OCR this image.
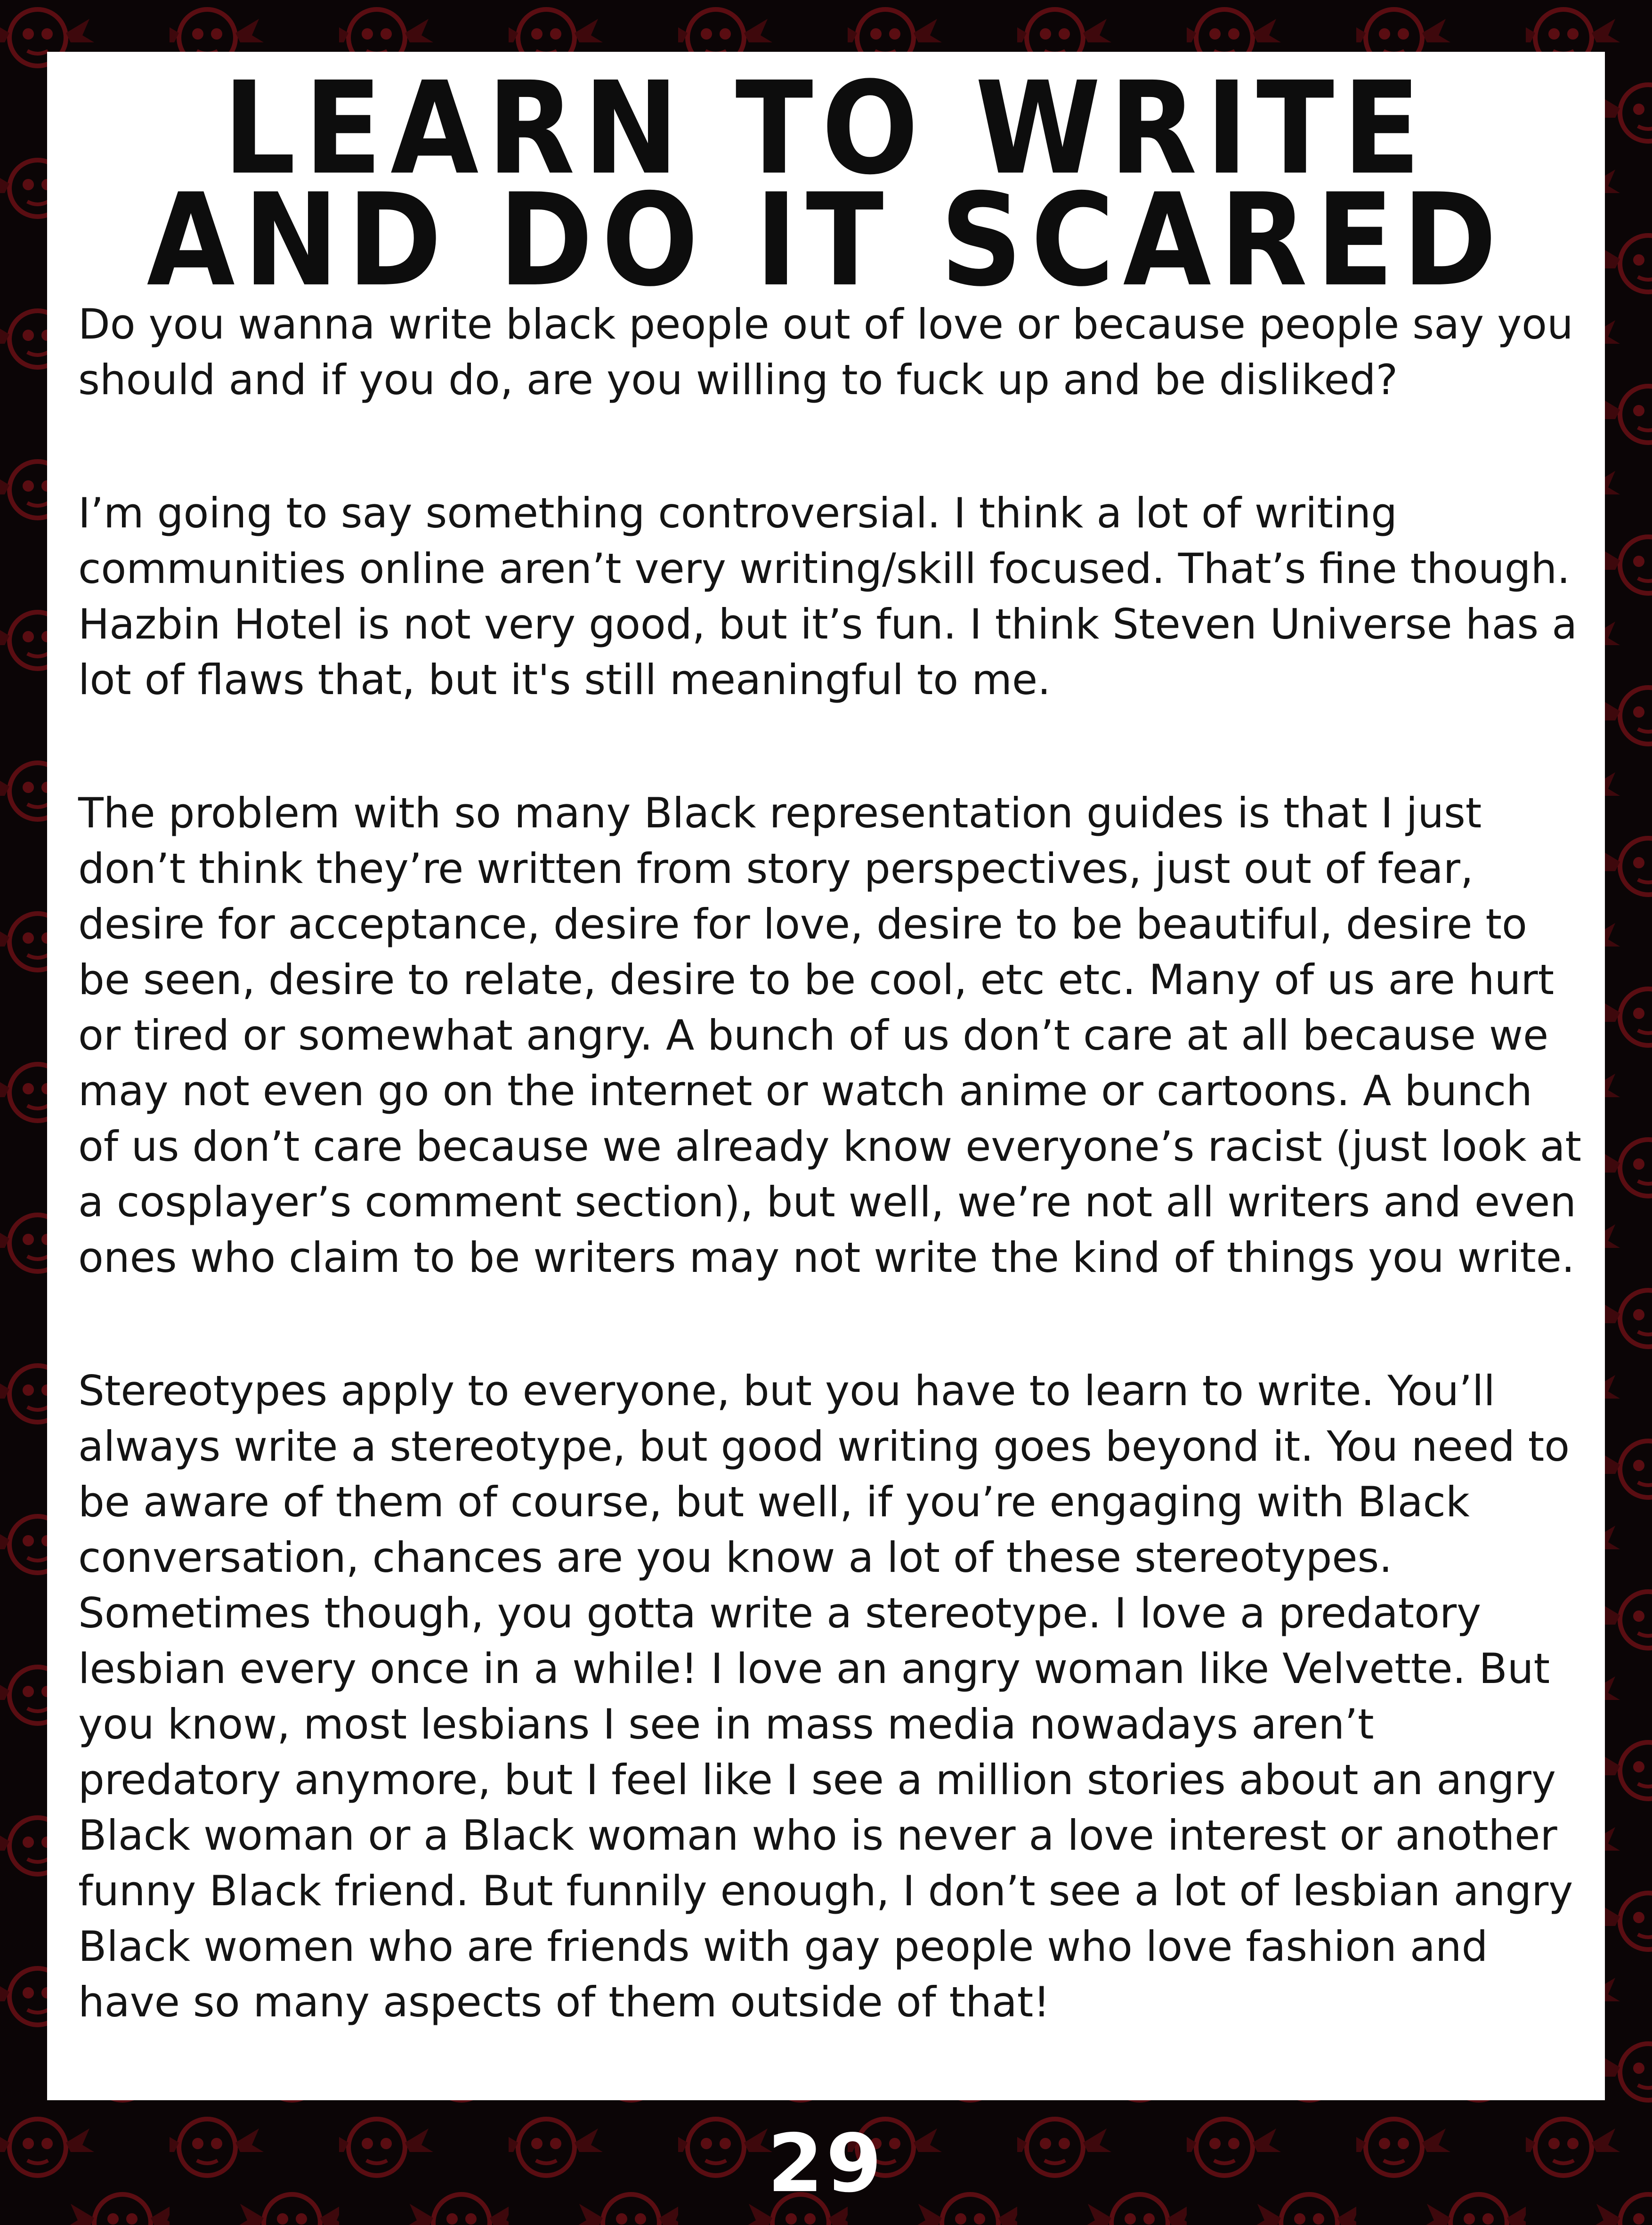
LEARN TO WRITE AND DO IT SCARED

Do you wanna write black people out of love or because people say you should and if you do, are you willing to fuck up and be disliked?

I’m going to say something controversial. I think a lot of writing communities online aren’t very writing/skill focused. That’s fine though. Hazbin Hotel is not very good, but it’s fun. I think Steven Universe has a lot of flaws that, but it's still meaningful to me.

The problem with so many Black representation guides is that I just don’t think they’re written from story perspectives, just out of fear, desire for acceptance, desire for love, desire to be beautiful, desire to be seen, desire to relate, desire to be cool, etc etc. Many of us are hurt or tired or somewhat angry. A bunch of us don’t care at all because we may not even go on the internet or watch anime or cartoons. A bunch of us don’t care because we already know everyone’s racist (just look at a cosplayer’s comment section), but well, we’re not all writers and even ones who claim to be writers may not write the kind of things you write.

Stereotypes apply to everyone, but you have to learn to write. You’ll always write a stereotype, but good writing goes beyond it. You need to be aware of them of course, but well, if you’re engaging with Black conversation, chances are you know a lot of these stereotypes. Sometimes though, you gotta write a stereotype. I love a predatory lesbian every once in a while! I love an angry woman like Velvette. But you know, most lesbians I see in mass media nowadays aren’t predatory anymore, but I feel like I see a million stories about an angry Black woman or a Black woman who is never a love interest or another funny Black friend. But funnily enough, I don’t see a lot of lesbian angry Black women who are friends with gay people who love fashion and have so many aspects of them outside of that!

29
